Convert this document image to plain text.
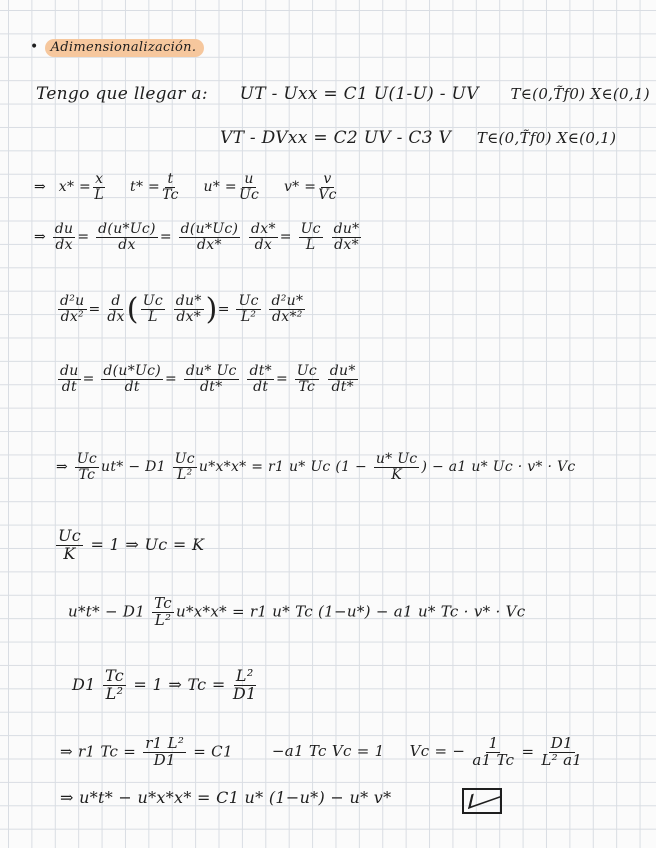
• Adimensionalización.
Tengo que llegar a: UT - Uxx = C1 U(1-U) - UV T∈(0,T̃f0) X∈(0,1)
VT - DVxx = C2 UV - C3 V T∈(0,T̃f0) X∈(0,1)
⇒ $x* = \frac{x}{L} t* = \frac{t}{Tc} u* = \frac{u}{Uc} v* = \frac{v}{Vc}$
⇒ $\frac{du}{dx} = \frac{d(u*Uc)}{dx} = \frac{d(u*Uc)}{dx*}$
$\frac{dx*}{dx} = \frac{Uc}{L}$
$\frac{du*}{dx*}$
$\frac{\text{d²u}}{\text{dx²}} = \frac{d}{dx}$ ( $\frac{Uc}{L}$
$\frac{du*}{dx*}$ )= $\frac{Uc}{\text{L²}}$
$\frac{\text{d²u*}}{\text{dx*²}}$
$\frac{du}{dt} = \frac{d(u*Uc)}{dt} = \frac{du* Uc}{dt*}$
$\frac{dt*}{dt} = \frac{Uc}{Tc}$
$\frac{du*}{dt*}$
⇒ $\frac{Uc}{Tc} ut* - D1 \frac{Uc}{\text{L²}} u*x*x* = r1$ u* Uc ($1 - \frac{u* Uc}{K}$ ) − a1 u* Uc · v* · Vc
$\frac{Uc}{K} = 1$ ⇒ Uc = K
$u*t* - D1 \frac{Tc}{\text{L²}} u*x*x* = r1$ u* Tc (1−u*) − a1 u* Tc · v* · Vc
$D1 \frac{Tc}{\text{L²}} = 1$ ⇒ $Tc = \frac{\text{L²}}{D1}$
⇒ r1 $Tc = \frac{\text{r1 L²}}{D1} = C1$	−a1 Tc Vc = 1 Vc = − $\frac{1}{a1 Tc} = \frac{D1}{\text{L² a1}}$
⇒ u*t* − u*x*x* = C1 u* (1−u*) − u* v*
